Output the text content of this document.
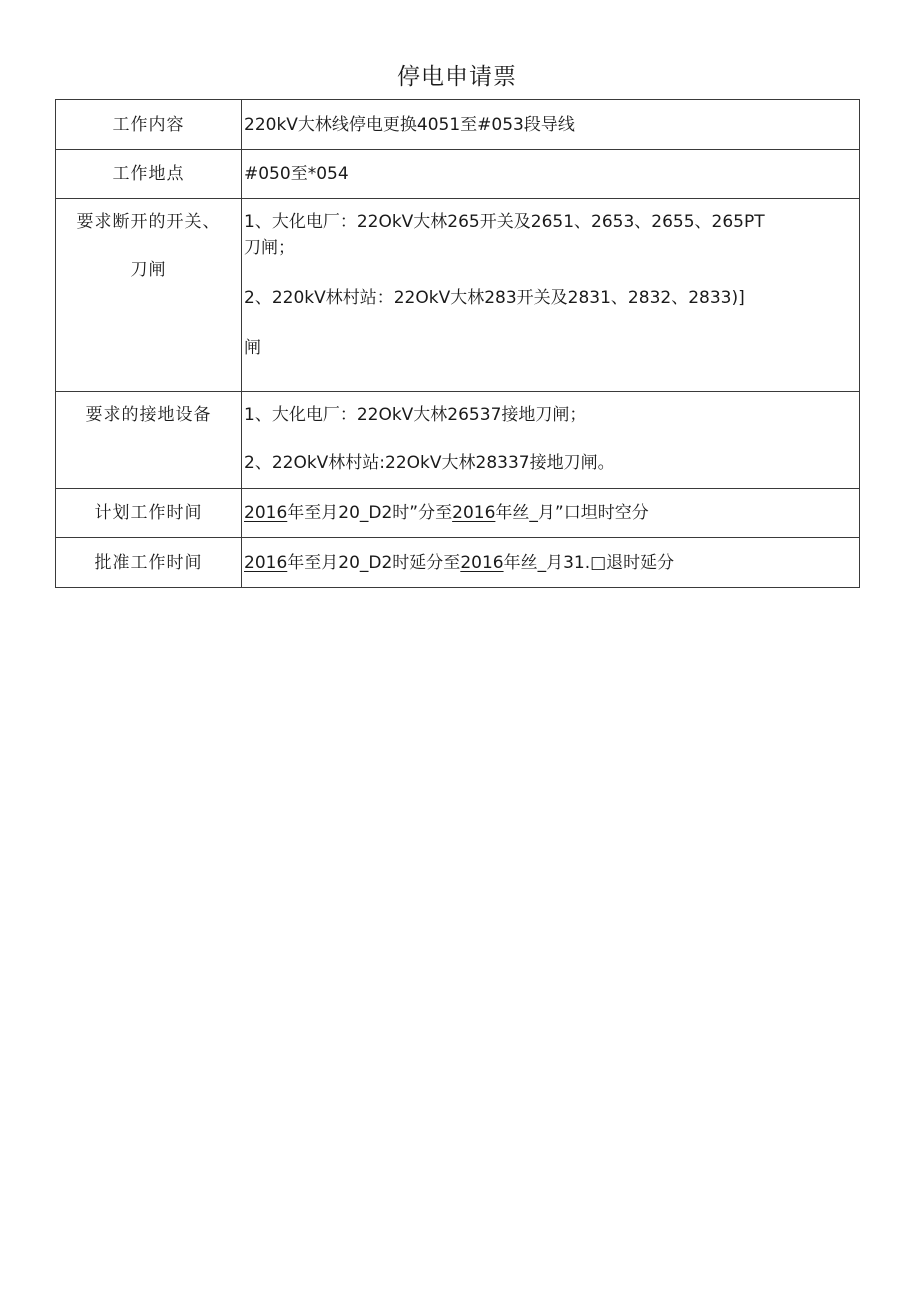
停电申请票
工作内容	220kV大林线停电更换4051至#053段导线
工作地点	#050至*054

要求断开的开关、
刀闸	1、大化电厂：22OkV大林265开关及2651、2653、2655、265PT
刀闸；
2、220kV林村站：22OkV大林283开关及2831、2832、2833)]
闸

要求的接地设备	1、大化电厂：22OkV大林26537接地刀闸；
2、22OkV林村站:22OkV大林28337接地刀闸。

计划工作时间	2016年至月20_D2时”分至2016年丝_月”口坦时空分
批准工作时间	2016年至月20_D2时延分至2016年丝_月31.□退时延分
